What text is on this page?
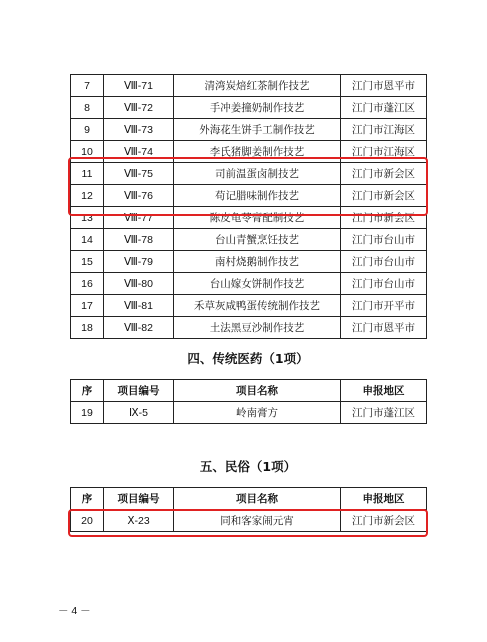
7	Ⅷ-71	清湾炭焙红茶制作技艺	江门市恩平市
8	Ⅷ-72	手冲姜撞奶制作技艺	江门市蓬江区
9	Ⅷ-73	外海花生饼手工制作技艺	江门市江海区
10	Ⅷ-74	李氏猪脚姜制作技艺	江门市江海区
11	Ⅷ-75	司前温蛋卤制技艺	江门市新会区
12	Ⅷ-76	苟记腊味制作技艺	江门市新会区
13	Ⅷ-77	陈皮龟苓膏配制技艺	江门市新会区
14	Ⅷ-78	台山青蟹烹饪技艺	江门市台山市
15	Ⅷ-79	南村烧鹅制作技艺	江门市台山市
16	Ⅷ-80	台山嫁女饼制作技艺	江门市台山市
17	Ⅷ-81	禾草灰咸鸭蛋传统制作技艺	江门市开平市
18	Ⅷ-82	土法黑豆沙制作技艺	江门市恩平市
四、传统医药（1项）
序	项目编号	项目名称	申报地区
19	Ⅸ-5	岭南膏方	江门市蓬江区
五、民俗（1项）
序	项目编号	项目名称	申报地区
20	Ⅹ-23	同和客家闹元宵	江门市新会区
－ 4 －
